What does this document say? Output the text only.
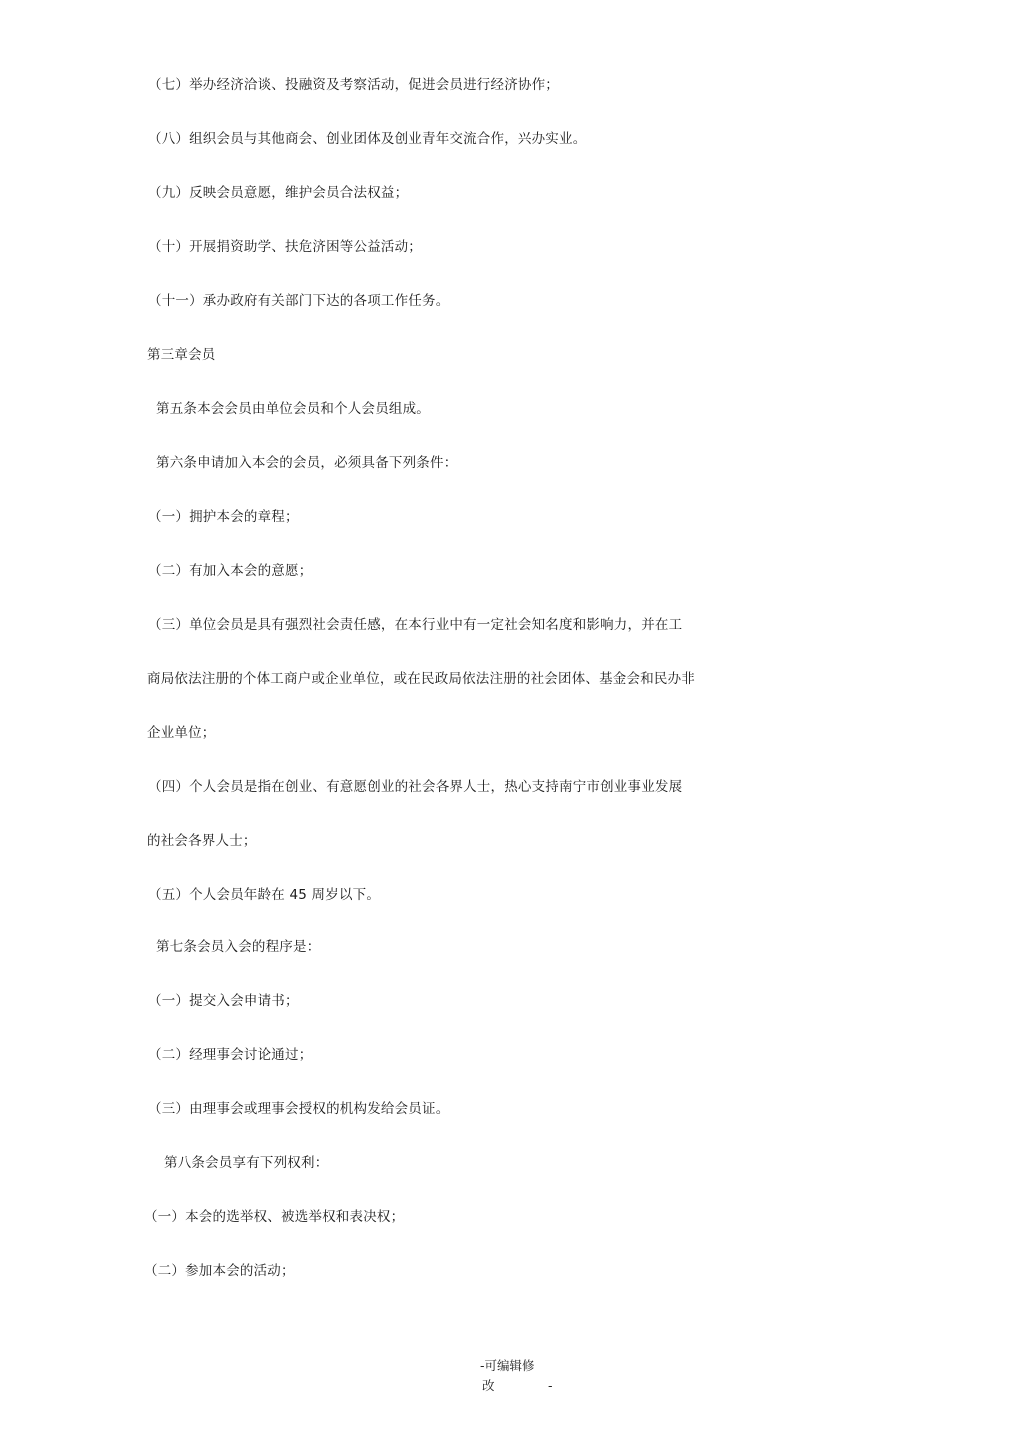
（七）举办经济洽谈、投融资及考察活动，促进会员进行经济协作；
（八）组织会员与其他商会、创业团体及创业青年交流合作，兴办实业。
（九）反映会员意愿，维护会员合法权益；
（十）开展捐资助学、扶危济困等公益活动；
（十一）承办政府有关部门下达的各项工作任务。
第三章会员
第五条本会会员由单位会员和个人会员组成。
第六条申请加入本会的会员，必须具备下列条件：
（一）拥护本会的章程；
（二）有加入本会的意愿；
（三）单位会员是具有强烈社会责任感，在本行业中有一定社会知名度和影响力，并在工
商局依法注册的个体工商户或企业单位，或在民政局依法注册的社会团体、基金会和民办非
企业单位；
（四）个人会员是指在创业、有意愿创业的社会各界人士，热心支持南宁市创业事业发展
的社会各界人士；
（五）个人会员年龄在 45 周岁以下。
第七条会员入会的程序是：
（一）提交入会申请书；
（二）经理事会讨论通过；
（三）由理事会或理事会授权的机构发给会员证。
第八条会员享有下列权利：
（一）本会的选举权、被选举权和表决权；
（二）参加本会的活动；
-可编辑修
改	-
